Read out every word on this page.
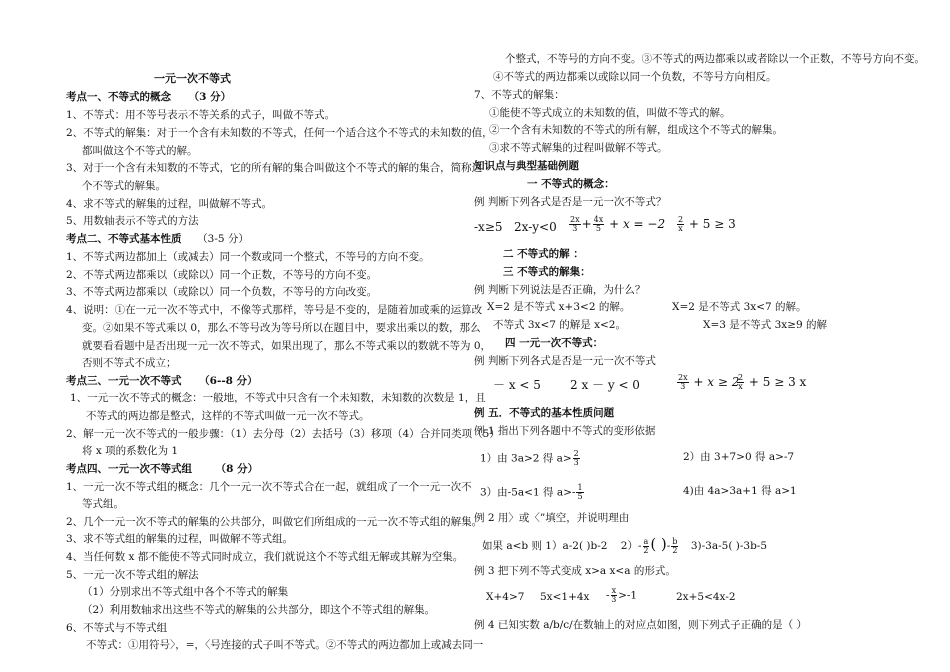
一元一次不等式
考点一、不等式的概念 （3 分）
1、不等式：用不等号表示不等关系的式子，叫做不等式。
2、不等式的解集：对于一个含有未知数的不等式，任何一个适合这个不等式的未知数的值，
都叫做这个不等式的解。
3、对于一个含有未知数的不等式，它的所有解的集合叫做这个不等式的解的集合，简称这
个不等式的解集。
4、求不等式的解集的过程，叫做解不等式。
5、用数轴表示不等式的方法
考点二、不等式基本性质 （3-5 分）
1、不等式两边都加上（或减去）同一个数或同一个整式，不等号的方向不变。
2、不等式两边都乘以（或除以）同一个正数，不等号的方向不变。
3、不等式两边都乘以（或除以）同一个负数，不等号的方向改变。
4、说明：①在一元一次不等式中，不像等式那样，等号是不变的，是随着加或乘的运算改
变。②如果不等式乘以 0，那么不等号改为等号所以在题目中，要求出乘以的数，那么
就要看看题中是否出现一元一次不等式，如果出现了，那么不等式乘以的数就不等为 0，
否则不等式不成立；
考点三、一元一次不等式 （6--8 分）
1、一元一次不等式的概念：一般地，不等式中只含有一个未知数，未知数的次数是 1，且
不等式的两边都是整式，这样的不等式叫做一元一次不等式。
2、解一元一次不等式的一般步骤：（1）去分母（2）去括号（3）移项（4）合并同类项（5）
将 x 项的系数化为 1
考点四、一元一次不等式组 （8 分）
1、一元一次不等式组的概念：几个一元一次不等式合在一起，就组成了一个一元一次不
等式组。
2、几个一元一次不等式的解集的公共部分，叫做它们所组成的一元一次不等式组的解集。
3、求不等式组的解集的过程，叫做解不等式组。
4、当任何数 x 都不能使不等式同时成立，我们就说这个不等式组无解或其解为空集。
5、一元一次不等式组的解法
（1）分别求出不等式组中各个不等式的解集
（2）利用数轴求出这些不等式的解集的公共部分，即这个不等式组的解集。
6、不等式与不等式组
不等式：①用符号〉，=，〈号连接的式子叫不等式。②不等式的两边都加上或减去同一
个整式，不等号的方向不变。③不等式的两边都乘以或者除以一个正数，不等号方向不变。
④不等式的两边都乘以或除以同一个负数，不等号方向相反。
7、不等式的解集：
①能使不等式成立的未知数的值，叫做不等式的解。
②一个含有未知数的不等式的所有解，组成这个不等式的解集。
③求不等式解集的过程叫做解不等式。
知识点与典型基础例题
一 不等式的概念：
例 判断下列各式是否是一元一次不等式？
-x≥5 $2x-y<0 \frac{2x}{3} + \frac{4x}{5} + x = -2 \frac{2}{x} + 5 \ge 3$
二 不等式的解 ：
三 不等式的解集：
例 判断下列说法是否正确，为什么？
X=2 是不等式 x+3<2 的解。	X=2 是不等式 3x<7 的解。
不等式 3x<7 的解是 x<2。	X=3 是不等式 3x≥9 的解
四 一元一次不等式：
例 判断下列各式是否是一元一次不等式
－ x < 5 2 x － y < 0	$\frac{2x}{3} + x \ge 2$
$\frac{2}{x} + 5 \ge 3$ x
例 五．不等式的基本性质问题
例 1 指出下列各题中不等式的变形依据
1）由 3a>2 得 $a> \frac{2}{3}$	2）由 3+7>0 得 a>-7
3）由-5a<1 得 $a>- \frac{1}{5}$	4)由 4a>3a+1 得 a>1
例 2 用〉或〈”填空，并说明理由
如果 a<b 则 1）a-2( )b-2 $2)- \frac{a}{2}$ ( )- $\frac{b}{2} 3)-3a-5$( )-3b-5
例 3 把下列不等式变成 x>a x<a 的形式。
X+4>7 $5x<1+4x - \frac{x}{3} >-1$	2x+5<4x-2
例 4 已知实数 a/b/c/在数轴上的对应点如图，则下列式子正确的是（ ）
